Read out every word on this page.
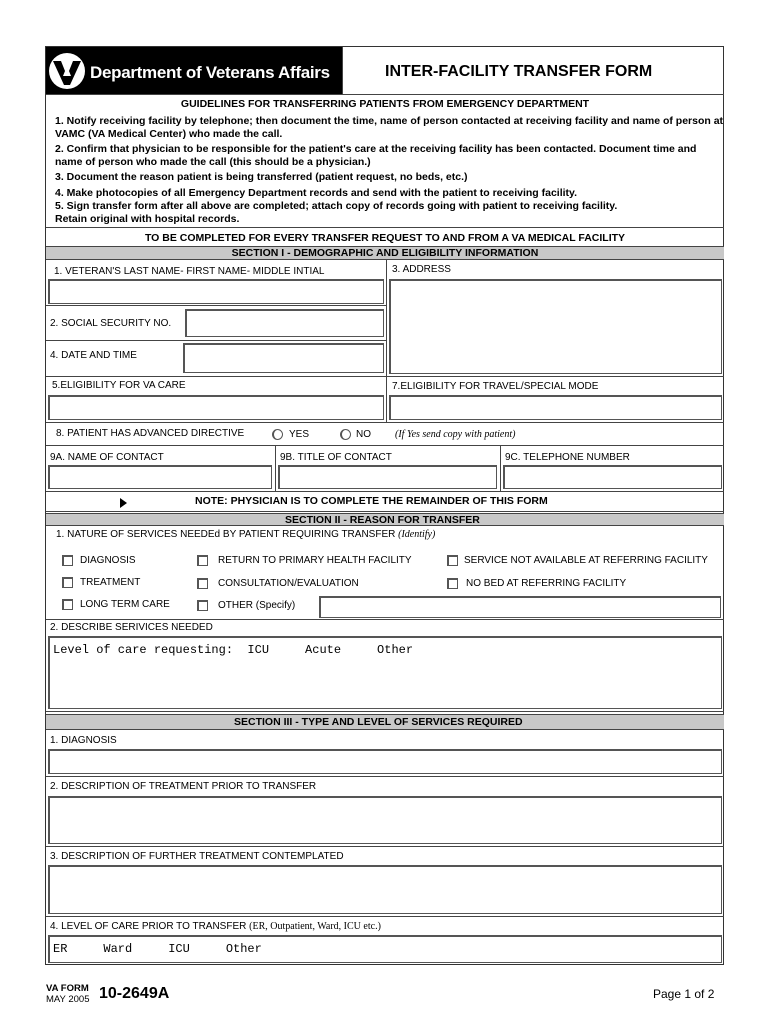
Department of Veterans Affairs	INTER-FACILITY TRANSFER FORM
GUIDELINES FOR TRANSFERRING PATIENTS FROM EMERGENCY DEPARTMENT
1. Notify receiving facility by telephone; then document the time, name of person contacted at receiving facility and name of person at VAMC (VA Medical Center) who made the call.
2. Confirm that physician to be responsible for the patient's care at the receiving facility has been contacted. Document time and name of person who made the call (this should be a physician.)
3. Document the reason patient is being transferred (patient request, no beds, etc.)
4. Make photocopies of all Emergency Department records and send with the patient to receiving facility.
5. Sign transfer form after all above are completed; attach copy of records going with patient to receiving facility. Retain original with hospital records.
TO BE COMPLETED FOR EVERY TRANSFER REQUEST TO AND FROM A VA MEDICAL FACILITY
SECTION I - DEMOGRAPHIC AND ELIGIBILITY INFORMATION
1. VETERAN'S LAST NAME- FIRST NAME- MIDDLE INTIAL	3. ADDRESS
2. SOCIAL SECURITY NO.
4. DATE AND TIME
5.ELIGIBILITY FOR VA CARE	7.ELIGIBILITY FOR TRAVEL/SPECIAL MODE
8. PATIENT HAS ADVANCED DIRECTIVE	YES	NO (If Yes send copy with patient)
9A. NAME OF CONTACT	9B. TITLE OF CONTACT	9C. TELEPHONE NUMBER
NOTE: PHYSICIAN IS TO COMPLETE THE REMAINDER OF THIS FORM
SECTION II - REASON FOR TRANSFER
1. NATURE OF SERVICES NEEDEd BY PATIENT REQUIRING TRANSFER (Identify)
DIAGNOSIS	RETURN TO PRIMARY HEALTH FACILITY	SERVICE NOT AVAILABLE AT REFERRING FACILITY
TREATMENT	CONSULTATION/EVALUATION	NO BED AT REFERRING FACILITY
LONG TERM CARE	OTHER (Specify)
2. DESCRIBE SERIVICES NEEDED
Level of care requesting:  ICU     Acute     Other
SECTION III - TYPE AND LEVEL OF SERVICES REQUIRED
1. DIAGNOSIS
2. DESCRIPTION OF TREATMENT PRIOR TO TRANSFER
3. DESCRIPTION OF FURTHER TREATMENT CONTEMPLATED
4. LEVEL OF CARE PRIOR TO TRANSFER (ER, Outpatient, Ward, ICU etc.)
ER     Ward     ICU     Other
VA FORM
MAY 2005 10-2649A	Page 1 of 2
